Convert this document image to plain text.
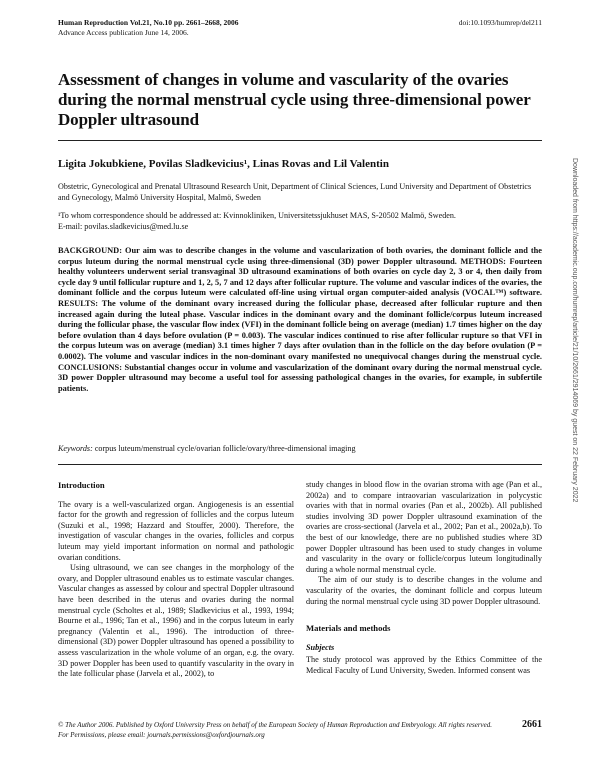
Human Reproduction Vol.21, No.10 pp. 2661–2668, 2006
Advance Access publication June 14, 2006.
doi:10.1093/humrep/del211
Assessment of changes in volume and vascularity of the ovaries during the normal menstrual cycle using three-dimensional power Doppler ultrasound
Ligita Jokubkiene, Povilas Sladkevicius¹, Linas Rovas and Lil Valentin
Obstetric, Gynecological and Prenatal Ultrasound Research Unit, Department of Clinical Sciences, Lund University and Department of Obstetrics and Gynecology, Malmö University Hospital, Malmö, Sweden
¹To whom correspondence should be addressed at: Kvinnokliniken, Universitetssjukhuset MAS, S-20502 Malmö, Sweden.
E-mail: povilas.sladkevicius@med.lu.se
BACKGROUND: Our aim was to describe changes in the volume and vascularization of both ovaries, the dominant follicle and the corpus luteum during the normal menstrual cycle using three-dimensional (3D) power Doppler ultrasound. METHODS: Fourteen healthy volunteers underwent serial transvaginal 3D ultrasound examinations of both ovaries on cycle day 2, 3 or 4, then daily from cycle day 9 until follicular rupture and 1, 2, 5, 7 and 12 days after follicular rupture. The volume and vascular indices of the ovaries, the dominant follicle and the corpus luteum were calculated off-line using virtual organ computer-aided analysis (VOCAL™) software. RESULTS: The volume of the dominant ovary increased during the follicular phase, decreased after follicular rupture and then increased again during the luteal phase. Vascular indices in the dominant ovary and the dominant follicle/corpus luteum increased during the follicular phase, the vascular flow index (VFI) in the dominant follicle being on average (median) 1.7 times higher on the day before ovulation than 4 days before ovulation (P = 0.003). The vascular indices continued to rise after follicular rupture so that VFI in the corpus luteum was on average (median) 3.1 times higher 7 days after ovulation than in the follicle on the day before ovulation (P = 0.0002). The volume and vascular indices in the non-dominant ovary manifested no unequivocal changes during the menstrual cycle. CONCLUSIONS: Substantial changes occur in volume and vascularization of the dominant ovary during the normal menstrual cycle. 3D power Doppler ultrasound may become a useful tool for assessing pathological changes in the ovaries, for example, in subfertile patients.
Keywords: corpus luteum/menstrual cycle/ovarian follicle/ovary/three-dimensional imaging
Introduction

The ovary is a well-vascularized organ. Angiogenesis is an essential factor for the growth and regression of follicles and the corpus luteum (Suzuki et al., 1998; Hazzard and Stouffer, 2000). Therefore, the investigation of vascular changes in the ovaries, follicles and corpus luteum may yield important information on normal and pathologic ovarian conditions.

Using ultrasound, we can see changes in the morphology of the ovary, and Doppler ultrasound enables us to estimate vascular changes. Vascular changes as assessed by colour and spectral Doppler ultrasound have been described in the uterus and ovaries during the normal menstrual cycle (Scholtes et al., 1989; Sladkevicius et al., 1993, 1994; Bourne et al., 1996; Tan et al., 1996) and in the corpus luteum in early pregnancy (Valentin et al., 1996). The introduction of three-dimensional (3D) power Doppler ultrasound has opened a possibility to assess vascularization in the whole volume of an organ, e.g. the ovary. 3D power Doppler has been used to quantify vascularity in the ovary in the late follicular phase (Jarvela et al., 2002), to

study changes in blood flow in the ovarian stroma with age (Pan et al., 2002a) and to compare intraovarian vascularization in polycystic ovaries with that in normal ovaries (Pan et al., 2002b). All published studies involving 3D power Doppler ultrasound examination of the ovaries are cross-sectional (Jarvela et al., 2002; Pan et al., 2002a,b). To the best of our knowledge, there are no published studies where 3D power Doppler ultrasound has been used to study changes in volume and vascularity in the ovary or follicle/corpus luteum longitudinally during a whole normal menstrual cycle.

The aim of our study is to describe changes in the volume and vascularity of the ovaries, the dominant follicle and corpus luteum during the normal menstrual cycle using 3D power Doppler ultrasound.

Materials and methods
Subjects

The study protocol was approved by the Ethics Committee of the Medical Faculty of Lund University, Sweden. Informed consent was

© The Author 2006. Published by Oxford University Press on behalf of the European Society of Human Reproduction and Embryology. All rights reserved.
For Permissions, please email: journals.permissions@oxfordjournals.org
2661
Downloaded from https://academic.oup.com/humrep/article/21/10/2661/2914069 by guest on 22 February 2022
